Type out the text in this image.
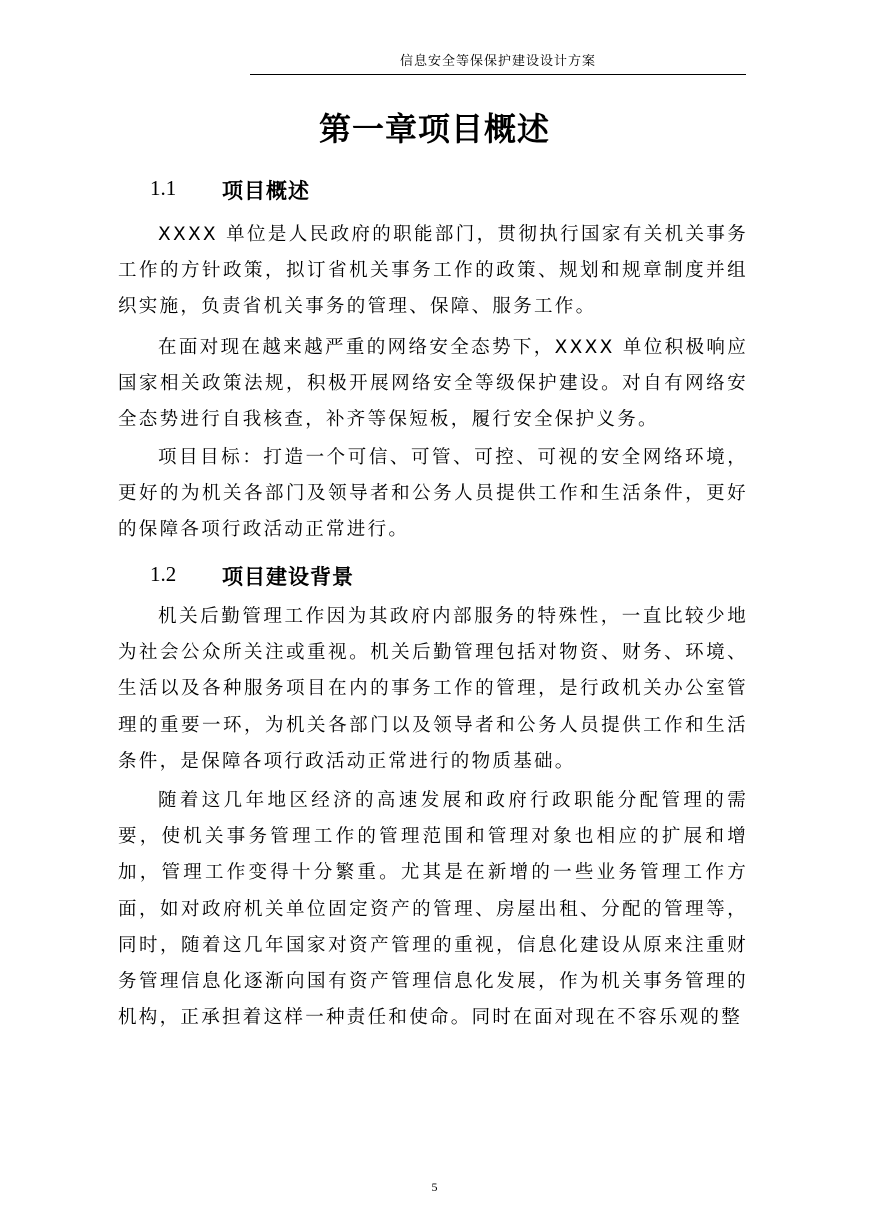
信息安全等保保护建设设计方案
第一章项目概述
1.1 项目概述

XXXX 单位是人民政府的职能部门，贯彻执行国家有关机关事务工作的方针政策，拟订省机关事务工作的政策、规划和规章制度并组织实施，负责省机关事务的管理、保障、服务工作。

在面对现在越来越严重的网络安全态势下，XXXX 单位积极响应国家相关政策法规，积极开展网络安全等级保护建设。对自有网络安全态势进行自我核查，补齐等保短板，履行安全保护义务。

项目目标：打造一个可信、可管、可控、可视的安全网络环境，更好的为机关各部门及领导者和公务人员提供工作和生活条件，更好的保障各项行政活动正常进行。

1.2 项目建设背景

机关后勤管理工作因为其政府内部服务的特殊性，一直比较少地为社会公众所关注或重视。机关后勤管理包括对物资、财务、环境、生活以及各种服务项目在内的事务工作的管理，是行政机关办公室管理的重要一环，为机关各部门以及领导者和公务人员提供工作和生活条件，是保障各项行政活动正常进行的物质基础。

随着这几年地区经济的高速发展和政府行政职能分配管理的需要，使机关事务管理工作的管理范围和管理对象也相应的扩展和增加，管理工作变得十分繁重。尤其是在新增的一些业务管理工作方面，如对政府机关单位固定资产的管理、房屋出租、分配的管理等，同时，随着这几年国家对资产管理的重视，信息化建设从原来注重财务管理信息化逐渐向国有资产管理信息化发展，作为机关事务管理的机构，正承担着这样一种责任和使命。同时在面对现在不容乐观的整

5
